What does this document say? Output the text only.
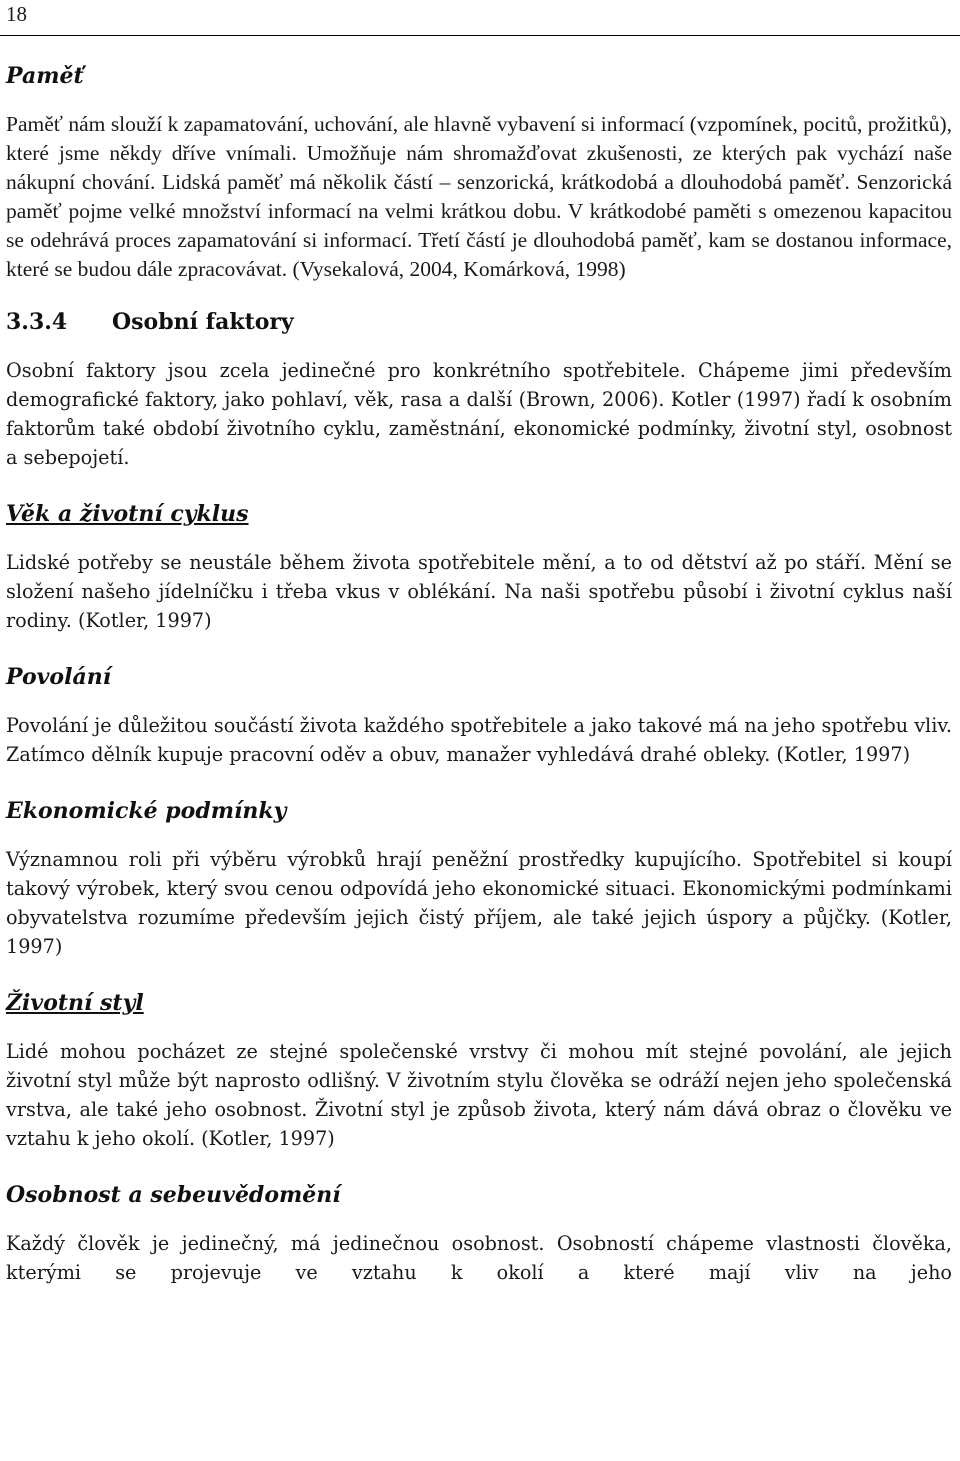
18
Paměť

Paměť nám slouží k zapamatování, uchování, ale hlavně vybavení si informací (vzpomínek, pocitů, prožitků), které jsme někdy dříve vnímali. Umožňuje nám shromažďovat zkušenosti, ze kterých pak vychází naše nákupní chování. Lidská paměť má několik částí – senzorická, krátkodobá a dlouhodobá paměť. Senzorická paměť pojme velké množství informací na velmi krátkou dobu. V krátkodobé paměti s omezenou kapacitou se odehrává proces zapamatování si informací. Třetí částí je dlouhodobá paměť, kam se dostanou informace, které se budou dále zpracovávat. (Vysekalová, 2004, Komárková, 1998)

3.3.4 Osobní faktory

Osobní faktory jsou zcela jedinečné pro konkrétního spotřebitele. Chápeme jimi především demografické faktory, jako pohlaví, věk, rasa a další (Brown, 2006). Kotler (1997) řadí k osobním faktorům také období životního cyklu, zaměstnání, ekonomické podmínky, životní styl, osobnost a sebepojetí.

Věk a životní cyklus

Lidské potřeby se neustále během života spotřebitele mění, a to od dětství až po stáří. Mění se složení našeho jídelníčku i třeba vkus v oblékání. Na naši spotřebu působí i životní cyklus naší rodiny. (Kotler, 1997)

Povolání

Povolání je důležitou součástí života každého spotřebitele a jako takové má na jeho spotřebu vliv. Zatímco dělník kupuje pracovní oděv a obuv, manažer vyhledává drahé obleky. (Kotler, 1997)

Ekonomické podmínky

Významnou roli při výběru výrobků hrají peněžní prostředky kupujícího. Spotřebitel si koupí takový výrobek, který svou cenou odpovídá jeho ekonomické situaci. Ekonomickými podmínkami obyvatelstva rozumíme především jejich čistý příjem, ale také jejich úspory a půjčky. (Kotler, 1997)

Životní styl

Lidé mohou pocházet ze stejné společenské vrstvy či mohou mít stejné povolání, ale jejich životní styl může být naprosto odlišný. V životním stylu člověka se odráží nejen jeho společenská vrstva, ale také jeho osobnost. Životní styl je způsob života, který nám dává obraz o člověku ve vztahu k jeho okolí. (Kotler, 1997)

Osobnost a sebeuvědomění

Každý člověk je jedinečný, má jedinečnou osobnost. Osobností chápeme vlastnosti člověka, kterými se projevuje ve vztahu k okolí a které mají vliv na jeho
